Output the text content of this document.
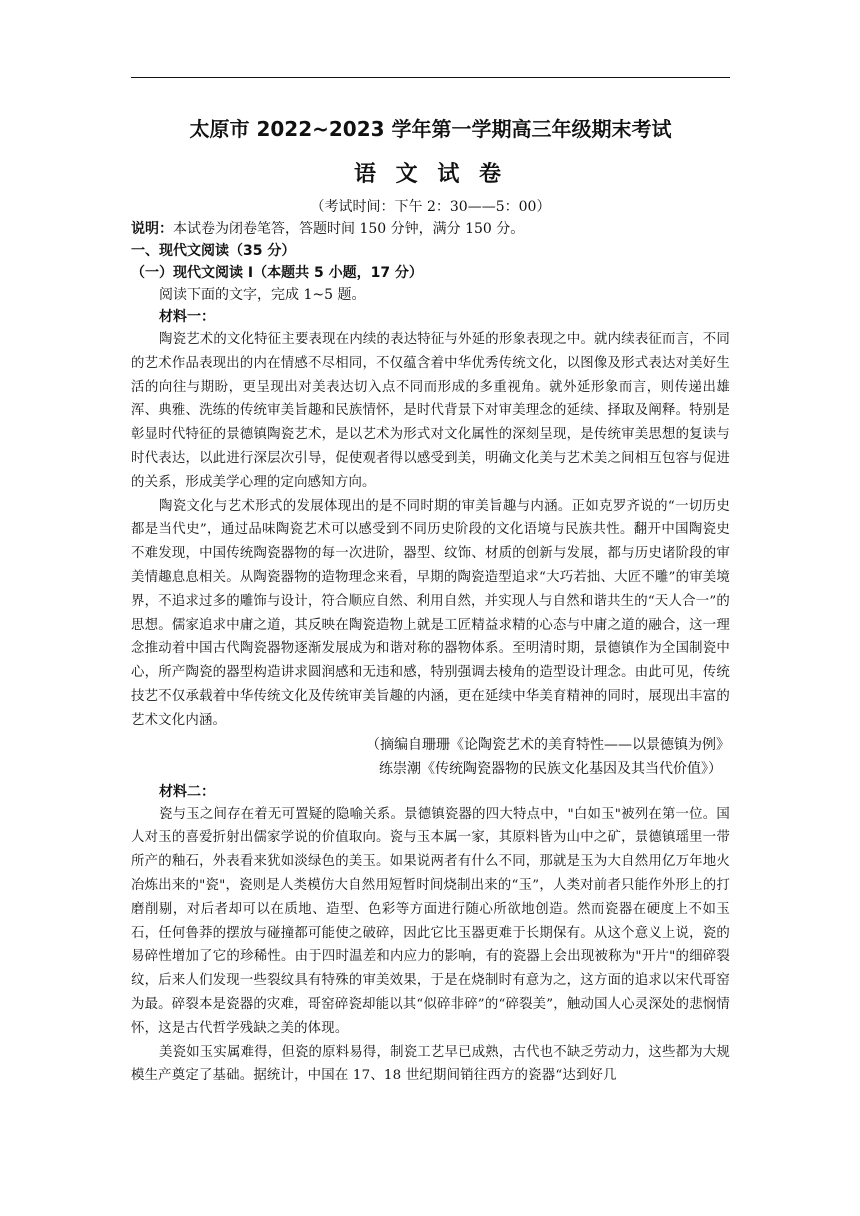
太原市 2022~2023 学年第一学期高三年级期末考试
语 文 试 卷
（考试时间：下午 2：30——5：00）
说明：本试卷为闭卷笔答，答题时间 150 分钟，满分 150 分。
一、现代文阅读（35 分）
（一）现代文阅读 I（本题共 5 小题，17 分）
阅读下面的文字，完成 1~5 题。
材料一：

陶瓷艺术的文化特征主要表现在内续的表达特征与外延的形象表现之中。就内续表征而言，不同的艺术作品表现出的内在情感不尽相同，不仅蕴含着中华优秀传统文化，以图像及形式表达对美好生活的向往与期盼，更呈现出对美表达切入点不同而形成的多重视角。就外延形象而言，则传递出雄浑、典雅、洗练的传统审美旨趣和民族情怀，是时代背景下对审美理念的延续、择取及阐释。特别是彰显时代特征的景德镇陶瓷艺术，是以艺术为形式对文化属性的深刻呈现，是传统审美思想的复读与时代表达，以此进行深层次引导，促使观者得以感受到美，明确文化美与艺术美之间相互包容与促进的关系，形成美学心理的定向感知方向。

陶瓷文化与艺术形式的发展体现出的是不同时期的审美旨趣与内涵。正如克罗齐说的“一切历史都是当代史”，通过品味陶瓷艺术可以感受到不同历史阶段的文化语境与民族共性。翻开中国陶瓷史不难发现，中国传统陶瓷器物的每一次进阶，器型、纹饰、材质的创新与发展，都与历史诸阶段的审美情趣息息相关。从陶瓷器物的造物理念来看，早期的陶瓷造型追求“大巧若拙、大匠不雕”的审美境界，不追求过多的雕饰与设计，符合顺应自然、利用自然，并实现人与自然和谐共生的“天人合一”的思想。儒家追求中庸之道，其反映在陶瓷造物上就是工匠精益求精的心态与中庸之道的融合，这一理念推动着中国古代陶瓷器物逐渐发展成为和谐对称的器物体系。至明清时期，景德镇作为全国制瓷中心，所产陶瓷的器型构造讲求圆润感和无违和感，特别强调去棱角的造型设计理念。由此可见，传统技艺不仅承载着中华传统文化及传统审美旨趣的内涵，更在延续中华美育精神的同时，展现出丰富的艺术文化内涵。

（摘编自珊珊《论陶瓷艺术的美育特性——以景德镇为例》
练崇潮《传统陶瓷器物的民族文化基因及其当代价值》）
材料二：

瓷与玉之间存在着无可置疑的隐喻关系。景德镇瓷器的四大特点中，"白如玉"被列在第一位。国人对玉的喜爱折射出儒家学说的价值取向。瓷与玉本属一家，其原料皆为山中之矿，景德镇瑶里一带所产的釉石，外表看来犹如淡绿色的美玉。如果说两者有什么不同，那就是玉为大自然用亿万年地火冶炼出来的"瓷"，瓷则是人类模仿大自然用短暂时间烧制出来的“玉”，人类对前者只能作外形上的打磨削剔，对后者却可以在质地、造型、色彩等方面进行随心所欲地创造。然而瓷器在硬度上不如玉石，任何鲁莽的摆放与碰撞都可能使之破碎，因此它比玉器更难于长期保有。从这个意义上说，瓷的易碎性增加了它的珍稀性。由于四时温差和内应力的影响，有的瓷器上会出现被称为"开片"的细碎裂纹，后来人们发现一些裂纹具有特殊的审美效果，于是在烧制时有意为之，这方面的追求以宋代哥窑为最。碎裂本是瓷器的灾难，哥窑碎瓷却能以其“似碎非碎”的“碎裂美”，触动国人心灵深处的悲悯情怀，这是古代哲学残缺之美的体现。

美瓷如玉实属难得，但瓷的原料易得，制瓷工艺早已成熟，古代也不缺乏劳动力，这些都为大规模生产奠定了基础。据统计，中国在 17、18 世纪期间销往西方的瓷器“达到好几
